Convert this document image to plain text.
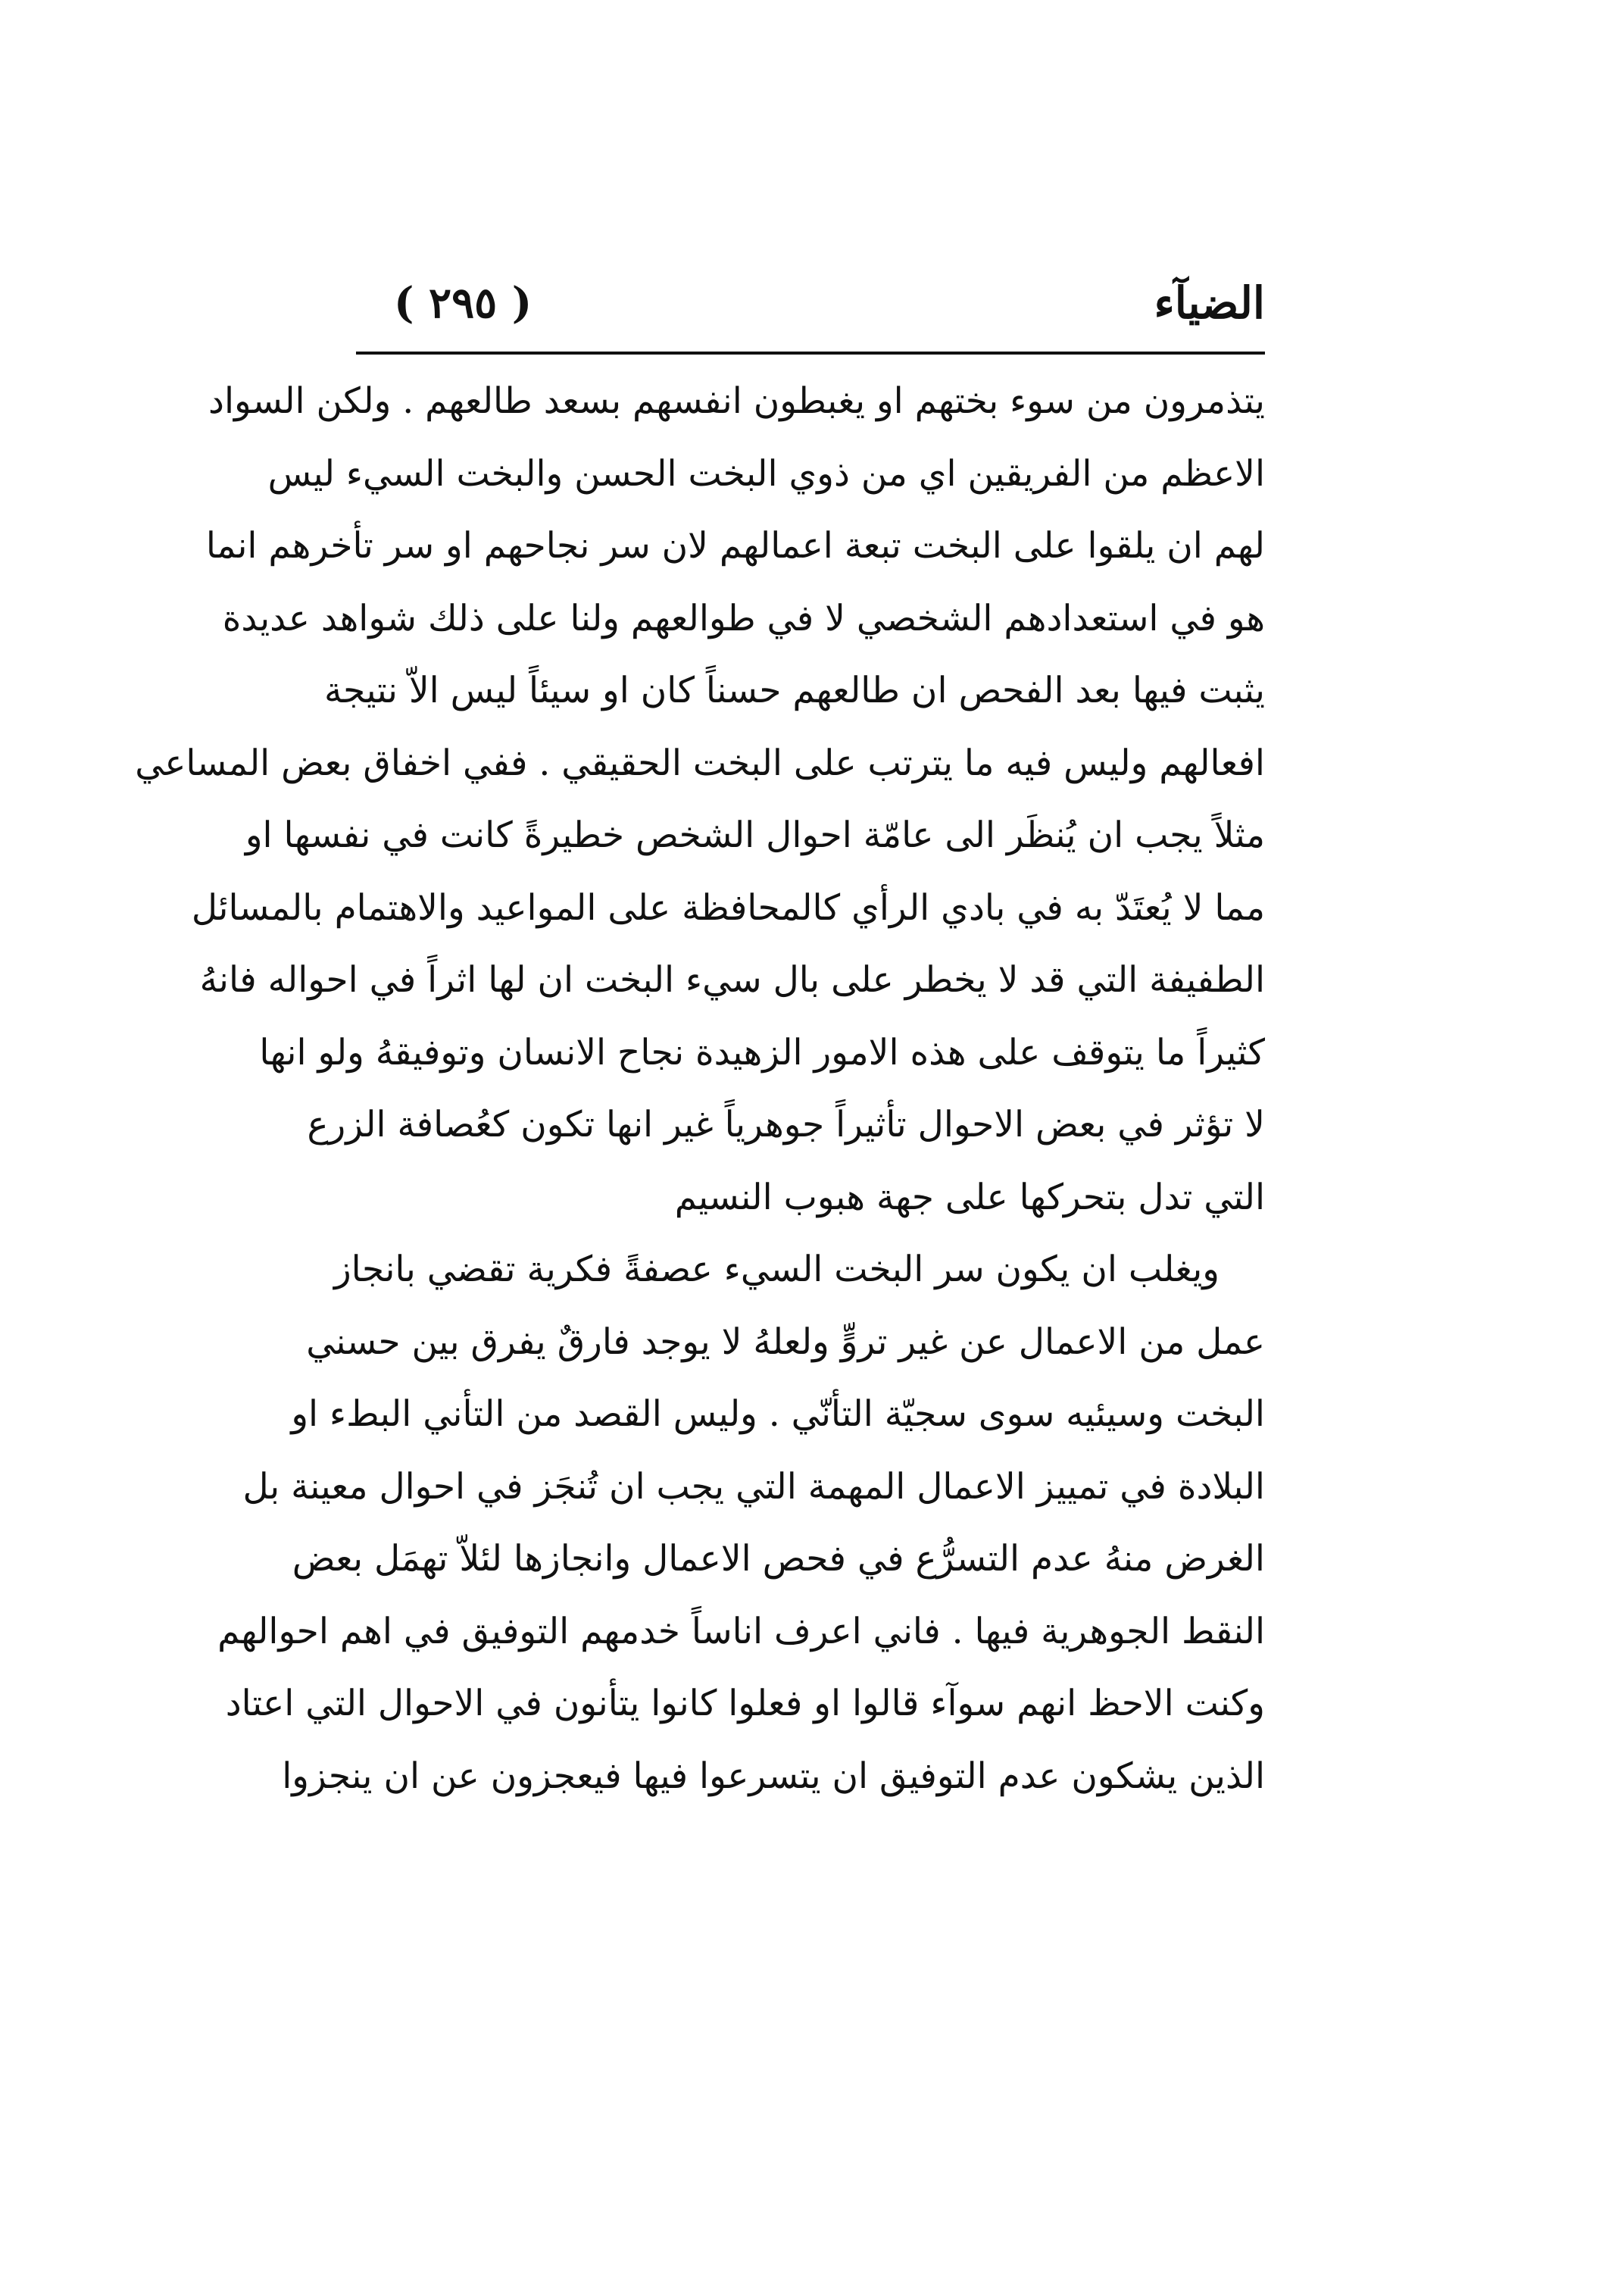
الضيآء
( ٢٩٥ )
يتذمرون من سوء بختهم او يغبطون انفسهم بسعد طالعهم . ولكن السواد
الاعظم من الفريقين اي من ذوي البخت الحسن والبخت السيء ليس
لهم ان يلقوا على البخت تبعة اعمالهم لان سر نجاحهم او سر تأخرهم انما
هو في استعدادهم الشخصي لا في طوالعهم ولنا على ذلك شواهد عديدة
يثبت فيها بعد الفحص ان طالعهم حسناً كان او سيئاً ليس الاّ نتيجة
افعالهم وليس فيه ما يترتب على البخت الحقيقي . ففي اخفاق بعض المساعي
مثلاً يجب ان يُنظَر الى عامّة احوال الشخص خطيرةً كانت في نفسها او
مما لا يُعتَدّ به في بادي الرأي كالمحافظة على المواعيد والاهتمام بالمسائل
الطفيفة التي قد لا يخطر على بال سيء البخت ان لها اثراً في احواله فانهُ
كثيراً ما يتوقف على هذه الامور الزهيدة نجاح الانسان وتوفيقهُ ولو انها
لا تؤثر في بعض الاحوال تأثيراً جوهرياً غير انها تكون كعُصافة الزرع
التي تدل بتحركها على جهة هبوب النسيم
ويغلب ان يكون سر البخت السيء عصفةً فكرية تقضي بانجاز
عمل من الاعمال عن غير تروٍّ ولعلهُ لا يوجد فارقٌ يفرق بين حسني
البخت وسيئيه سوى سجيّة التأنّي . وليس القصد من التأني البطء او
البلادة في تمييز الاعمال المهمة التي يجب ان تُنجَز في احوال معينة بل
الغرض منهُ عدم التسرُّع في فحص الاعمال وانجازها لئلاّ تهمَل بعض
النقط الجوهرية فيها . فاني اعرف اناساً خدمهم التوفيق في اهم احوالهم
وكنت الاحظ انهم سوآء قالوا او فعلوا كانوا يتأنون في الاحوال التي اعتاد
الذين يشكون عدم التوفيق ان يتسرعوا فيها فيعجزون عن ان ينجزوا
